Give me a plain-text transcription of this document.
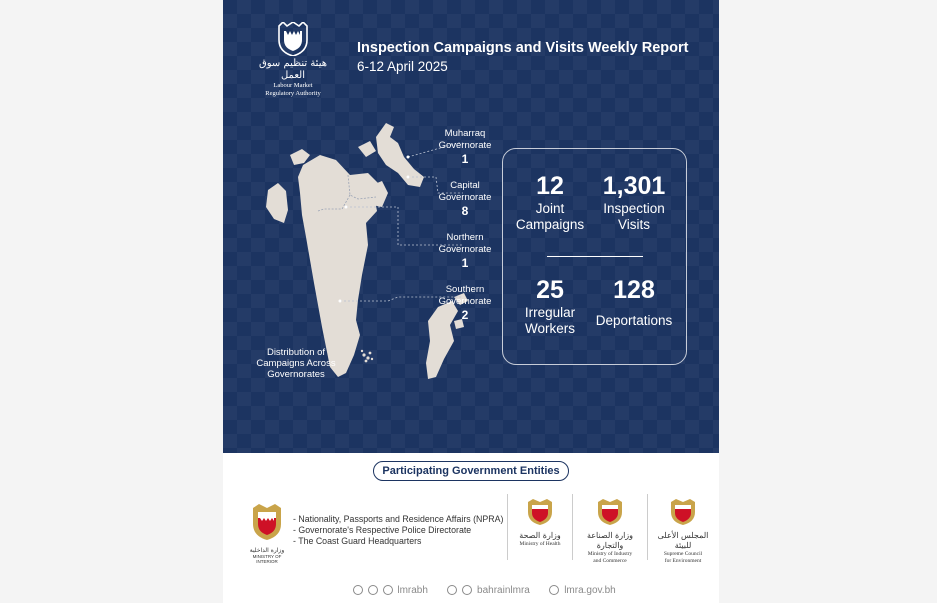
هيئة تنظيم سوق العمل
Labour Market
Regulatory Authority
Inspection Campaigns and Visits Weekly Report
6-12 April 2025
Muharraq
Governorate
1
Capital
Governorate
8
Northern
Governorate
1
Southern
Governorate
2
Distribution of
Campaigns Across
Governorates
12
Joint
Campaigns
1,301
Inspection
Visits
25
Irregular
Workers
128
Deportations
Participating Government Entities
وزارة الداخلية
MINISTRY OF INTERIOR
- Nationality, Passports and Residence Affairs (NPRA)
- Governorate's Respective Police Directorate
- The Coast Guard Headquarters
وزارة الصحة
Ministry of Health
وزارة الصناعة والتجارة
Ministry of Industry
and Commerce
المجلس الأعلى للبيئة
Supreme Council
for Environment
lmrabh	bahrainlmra	lmra.gov.bh
